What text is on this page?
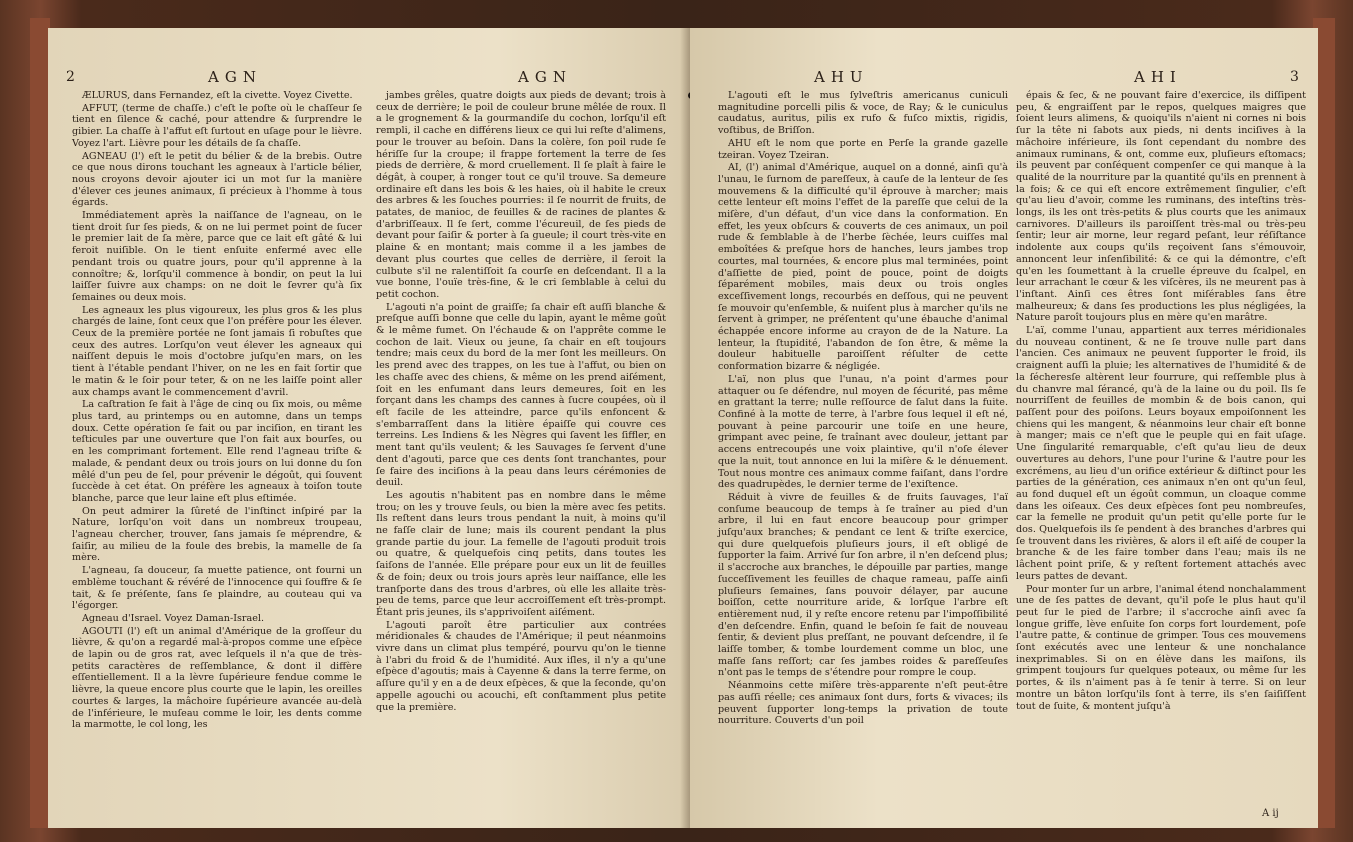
2	AGN	AGN

ÆLURUS, dans Fernandez, eſt la civette. Voyez Civette.

AFFUT, (terme de chaſſe.) c'eſt le poſte où le chaſſeur ſe tient en ſilence & caché, pour attendre & ſurprendre le gibier. La chaſſe à l'affut eſt ſurtout en uſage pour le lièvre. Voyez l'art. Lièvre pour les détails de ſa chaſſe.

AGNEAU (l') eſt le petit du bélier & de la brebis. Outre ce que nous dirons touchant les agneaux à l'article bélier, nous croyons devoir ajouter ici un mot ſur la manière d'élever ces jeunes animaux, ſi précieux à l'homme à tous égards.

Immédiatement après la naiſſance de l'agneau, on le tient droit ſur ſes pieds, & on ne lui permet point de ſucer le premier lait de ſa mère, parce que ce lait eſt gâté & lui feroit nuiſible. On le tient enſuite enfermé avec elle pendant trois ou quatre jours, pour qu'il apprenne à la connoître; &, lorſqu'il commence à bondir, on peut la lui laiſſer ſuivre aux champs: on ne doit le ſevrer qu'à ſix ſemaines ou deux mois.

Les agneaux les plus vigoureux, les plus gros & les plus chargés de laine, ſont ceux que l'on préfère pour les élever. Ceux de la première portée ne ſont jamais ſi robuſtes que ceux des autres. Lorſqu'on veut élever les agneaux qui naiſſent depuis le mois d'octobre juſqu'en mars, on les tient à l'étable pendant l'hiver, on ne les en fait ſortir que le matin & le ſoir pour teter, & on ne les laiſſe point aller aux champs avant le commencement d'avril.

La caſtration ſe fait à l'âge de cinq ou ſix mois, ou même plus tard, au printemps ou en automne, dans un temps doux. Cette opération ſe fait ou par inciſion, en tirant les teſticules par une ouverture que l'on fait aux bourſes, ou en les comprimant fortement. Elle rend l'agneau triſte & malade, & pendant deux ou trois jours on lui donne du ſon mêlé d'un peu de ſel, pour prévenir le dégoût, qui ſouvent ſuccède à cet état. On préfère les agneaux à toiſon toute blanche, parce que leur laine eſt plus eſtimée.

On peut admirer la ſûreté de l'inſtinct inſpiré par la Nature, lorſqu'on voit dans un nombreux troupeau, l'agneau chercher, trouver, ſans jamais ſe méprendre, & ſaiſir, au milieu de la foule des brebis, la mamelle de ſa mère.

L'agneau, ſa douceur, ſa muette patience, ont fourni un emblème touchant & révéré de l'innocence qui ſouffre & ſe tait, & ſe préſente, ſans ſe plaindre, au couteau qui va l'égorger.

Agneau d'Israel. Voyez Daman-Israel.

AGOUTI (l') eſt un animal d'Amérique de la groſſeur du lièvre, & qu'on a regardé mal-à-propos comme une eſpèce de lapin ou de gros rat, avec leſquels il n'a que de très-petits caractères de reſſemblance, & dont il diffère eſſentiellement. Il a la lèvre ſupérieure fendue comme le lièvre, la queue encore plus courte que le lapin, les oreilles courtes & larges, la mâchoire ſupérieure avancée au-delà de l'inférieure, le muſeau comme le loir, les dents comme la marmotte, le col long, les

jambes grêles, quatre doigts aux pieds de devant; trois à ceux de derrière; le poil de couleur brune mêlée de roux. Il a le grognement & la gourmandiſe du cochon, lorſqu'il eſt rempli, il cache en différens lieux ce qui lui reſte d'alimens, pour le trouver au beſoin. Dans la colère, ſon poil rude ſe hériſſe ſur la croupe; il frappe fortement la terre de ſes pieds de derrière, & mord cruellement. Il ſe plaît à faire le dégât, à couper, à ronger tout ce qu'il trouve. Sa demeure ordinaire eſt dans les bois & les haies, où il habite le creux des arbres & les ſouches pourries: il ſe nourrit de fruits, de patates, de manioc, de feuilles & de racines de plantes & d'arbriſſeaux. Il ſe ſert, comme l'écureuil, de ſes pieds de devant pour ſaiſir & porter à ſa gueule; il court très-vite en plaine & en montant; mais comme il a les jambes de devant plus courtes que celles de derrière, il ſeroit la culbute s'il ne ralentiſſoit ſa courſe en deſcendant. Il a la vue bonne, l'ouïe très-fine, & le cri ſemblable à celui du petit cochon.

L'agouti n'a point de graiſſe; ſa chair eſt auſſi blanche & preſque auſſi bonne que celle du lapin, ayant le même goût & le même fumet. On l'échaude & on l'apprête comme le cochon de lait. Vieux ou jeune, ſa chair en eſt toujours tendre; mais ceux du bord de la mer ſont les meilleurs. On les prend avec des trappes, on les tue à l'affut, ou bien on les chaſſe avec des chiens, & même on les prend aiſément, ſoit en les enfumant dans leurs demeures, ſoit en les forçant dans les champs des cannes à ſucre coupées, où il eſt facile de les atteindre, parce qu'ils enfoncent & s'embarraſſent dans la litière épaiſſe qui couvre ces terreins. Les Indiens & les Nègres qui ſavent les ſiffler, en ment tant qu'ils veulent; & les Sauvages ſe ſervent d'une dent d'agouti, parce que ces dents ſont tranchantes, pour ſe faire des inciſions à la peau dans leurs cérémonies de deuil.

Les agoutis n'habitent pas en nombre dans le même trou; on les y trouve ſeuls, ou bien la mère avec ſes petits. Ils reſtent dans leurs trous pendant la nuit, à moins qu'il ne faſſe clair de lune; mais ils courent pendant la plus grande partie du jour. La femelle de l'agouti produit trois ou quatre, & quelquefois cinq petits, dans toutes les ſaiſons de l'année. Elle prépare pour eux un lit de feuilles & de foin; deux ou trois jours après leur naiſſance, elle les tranſporte dans des trous d'arbres, où elle les allaite très-peu de tems, parce que leur accroiſſement eſt très-prompt. Étant pris jeunes, ils s'apprivoiſent aiſément.

L'agouti paroît être particulier aux contrées méridionales & chaudes de l'Amérique; il peut néanmoins vivre dans un climat plus tempéré, pourvu qu'on le tienne à l'abri du froid & de l'humidité. Aux iſles, il n'y a qu'une eſpèce d'agoutis; mais à Cayenne & dans la terre ferme, on aſſure qu'il y en a de deux eſpèces, & que la ſeconde, qu'on appelle agouchi ou acouchi, eſt conſtamment plus petite que la première.

AHU	AHI	3

L'agouti eſt le mus ſylveſtris americanus cuniculi magnitudine porcelli pilis & voce, de Ray; & le cuniculus caudatus, auritus, pilis ex rufo & fuſco mixtis, rigidis, voſtibus, de Briſſon.

AHU eſt le nom que porte en Perſe la grande gazelle tzeiran. Voyez Tzeiran.

AI, (l') animal d'Amérique, auquel on a donné, ainſi qu'à l'unau, le ſurnom de pareſſeux, à cauſe de la lenteur de ſes mouvemens & la difficulté qu'il éprouve à marcher; mais cette lenteur eſt moins l'effet de la pareſſe que celui de la miſère, d'un défaut, d'un vice dans la conformation. En effet, les yeux obſcurs & couverts de ces animaux, un poil rude & ſemblable à de l'herbe ſèchée, leurs cuiſſes mal emboîtées & preſque hors de hanches, leurs jambes trop courtes, mal tournées, & encore plus mal terminées, point d'aſſiette de pied, point de pouce, point de doigts ſéparément mobiles, mais deux ou trois ongles exceſſivement longs, recourbés en deſſous, qui ne peuvent ſe mouvoir qu'enſemble, & nuiſent plus à marcher qu'ils ne ſervent à grimper, ne préſentent qu'une ébauche d'animal échappée encore informe au crayon de de la Nature. La lenteur, la ſtupidité, l'abandon de ſon être, & même la douleur habituelle paroiſſent réſulter de cette conformation bizarre & négligée.

L'aï, non plus que l'unau, n'a point d'armes pour attaquer ou ſe défendre, nul moyen de ſécurité, pas même en grattant la terre; nulle reſſource de ſalut dans la fuite. Confiné à la motte de terre, à l'arbre ſous lequel il eſt né, pouvant à peine parcourir une toiſe en une heure, grimpant avec peine, ſe traînant avec douleur, jettant par accens entrecoupés une voix plaintive, qu'il n'oſe élever que la nuit, tout annonce en lui la miſère & le dénuement. Tout nous montre ces animaux comme faiſant, dans l'ordre des quadrupèdes, le dernier terme de l'exiſtence.

Réduit à vivre de feuilles & de fruits ſauvages, l'aï conſume beaucoup de temps à ſe traîner au pied d'un arbre, il lui en faut encore beaucoup pour grimper juſqu'aux branches; & pendant ce lent & triſte exercice, qui dure quelquefois pluſieurs jours, il eſt obligé de ſupporter la faim. Arrivé ſur ſon arbre, il n'en deſcend plus; il s'accroche aux branches, le dépouille par parties, mange ſucceſſivement les feuilles de chaque rameau, paſſe ainſi pluſieurs ſemaines, ſans pouvoir délayer, par aucune boiſſon, cette nourriture aride, & lorſque l'arbre eſt entièrement nud, il y reſte encore retenu par l'impoſſibilité d'en deſcendre. Enfin, quand le beſoin ſe fait de nouveau ſentir, & devient plus preſſant, ne pouvant deſcendre, il ſe laiſſe tomber, & tombe lourdement comme un bloc, une maſſe ſans reſſort; car ſes jambes roides & pareſſeuſes n'ont pas le temps de s'étendre pour rompre le coup.

Néanmoins cette miſère très-apparente n'eſt peut-être pas auſſi réelle; ces animaux ſont durs, forts & vivaces; ils peuvent ſupporter long-temps la privation de toute nourriture. Couverts d'un poil

épais & ſec, & ne pouvant faire d'exercice, ils diſſipent peu, & engraiſſent par le repos, quelques maigres que ſoient leurs alimens, & quoiqu'ils n'aient ni cornes ni bois ſur la tête ni ſabots aux pieds, ni dents inciſives à la mâchoire inférieure, ils ſont cependant du nombre des animaux ruminans, & ont, comme eux, pluſieurs eſtomacs; ils peuvent par conſéquent compenſer ce qui manque à la qualité de la nourriture par la quantité qu'ils en prennent à la fois; & ce qui eſt encore extrêmement ſingulier, c'eſt qu'au lieu d'avoir, comme les ruminans, des inteſtins très-longs, ils les ont très-petits & plus courts que les animaux carnivores. D'ailleurs ils paroiſſent très-mal ou très-peu ſentir; leur air morne, leur regard peſant, leur réſiſtance indolente aux coups qu'ils reçoivent ſans s'émouvoir, annoncent leur inſenſibilité: & ce qui la démontre, c'eſt qu'en les ſoumettant à la cruelle épreuve du ſcalpel, en leur arrachant le cœur & les viſcères, ils ne meurent pas à l'inſtant. Ainſi ces êtres ſont miſérables ſans être malheureux; & dans ſes productions les plus négligées, la Nature paroît toujours plus en mère qu'en marâtre.

L'aï, comme l'unau, appartient aux terres méridionales du nouveau continent, & ne ſe trouve nulle part dans l'ancien. Ces animaux ne peuvent ſupporter le froid, ils craignent auſſi la pluie; les alternatives de l'humidité & de la ſécheresſe altèrent leur fourrure, qui reſſemble plus à du chanvre mal ſérancé, qu'à de la laine ou du poil. Ils ſe nourriſſent de feuilles de mombin & de bois canon, qui paſſent pour des poiſons. Leurs boyaux empoiſonnent les chiens qui les mangent, & néanmoins leur chair eſt bonne à manger; mais ce n'eſt que le peuple qui en fait uſage. Une ſingularité remarquable, c'eſt qu'au lieu de deux ouvertures au dehors, l'une pour l'urine & l'autre pour les excrémens, au lieu d'un orifice extérieur & diſtinct pour les parties de la génération, ces animaux n'en ont qu'un ſeul, au fond duquel eſt un égoût commun, un cloaque comme dans les oiſeaux. Ces deux eſpèces ſont peu nombreuſes, car la femelle ne produit qu'un petit qu'elle porte ſur le dos. Quelquefois ils ſe pendent à des branches d'arbres qui ſe trouvent dans les rivières, & alors il eſt aiſé de couper la branche & de les faire tomber dans l'eau; mais ils ne lâchent point priſe, & y reſtent fortement attachés avec leurs pattes de devant.

Pour monter ſur un arbre, l'animal étend nonchalamment une de ſes pattes de devant, qu'il poſe le plus haut qu'il peut ſur le pied de l'arbre; il s'accroche ainſi avec ſa longue griffe, lève enſuite ſon corps fort lourdement, poſe l'autre patte, & continue de grimper. Tous ces mouvemens ſont exécutés avec une lenteur & une nonchalance inexprimables. Si on en élève dans les maiſons, ils grimpent toujours ſur quelques poteaux, ou même ſur les portes, & ils n'aiment pas à ſe tenir à terre. Si on leur montre un bâton lorſqu'ils ſont à terre, ils s'en ſaiſiſſent tout de ſuite, & montent juſqu'à

A ij
